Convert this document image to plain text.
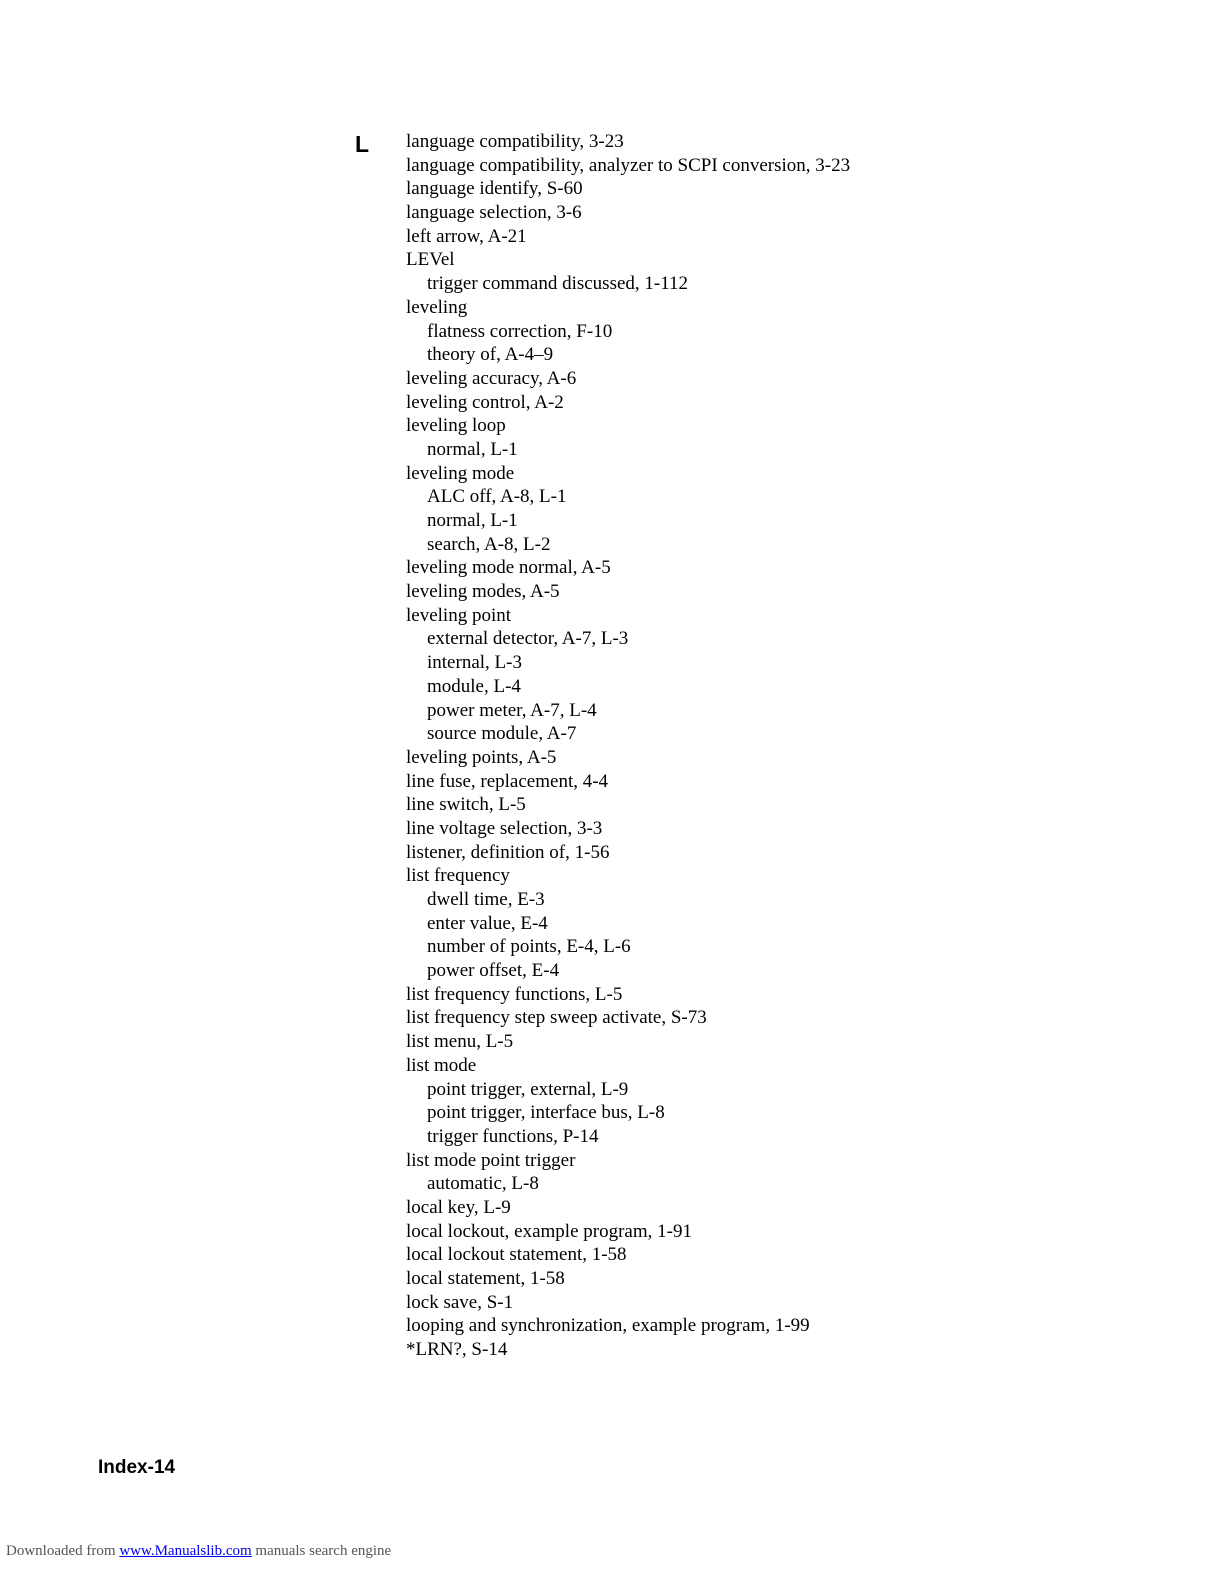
L language compatibility, 3-23
language compatibility, analyzer to SCPI conversion, 3-23
language identify, S-60
language selection, 3-6
left arrow, A-21
LEVel
trigger command discussed, 1-112
leveling
flatness correction, F-10
theory of, A-4–9
leveling accuracy, A-6
leveling control, A-2
leveling loop
normal, L-1
leveling mode
ALC off, A-8, L-1
normal, L-1
search, A-8, L-2
leveling mode normal, A-5
leveling modes, A-5
leveling point
external detector, A-7, L-3
internal, L-3
module, L-4
power meter, A-7, L-4
source module, A-7
leveling points, A-5
line fuse, replacement, 4-4
line switch, L-5
line voltage selection, 3-3
listener, definition of, 1-56
list frequency
dwell time, E-3
enter value, E-4
number of points, E-4, L-6
power offset, E-4
list frequency functions, L-5
list frequency step sweep activate, S-73
list menu, L-5
list mode
point trigger, external, L-9
point trigger, interface bus, L-8
trigger functions, P-14
list mode point trigger
automatic, L-8
local key, L-9
local lockout, example program, 1-91
local lockout statement, 1-58
local statement, 1-58
lock save, S-1
looping and synchronization, example program, 1-99
*LRN?, S-14
Index-14
Downloaded from www.Manualslib.com manuals search engine
